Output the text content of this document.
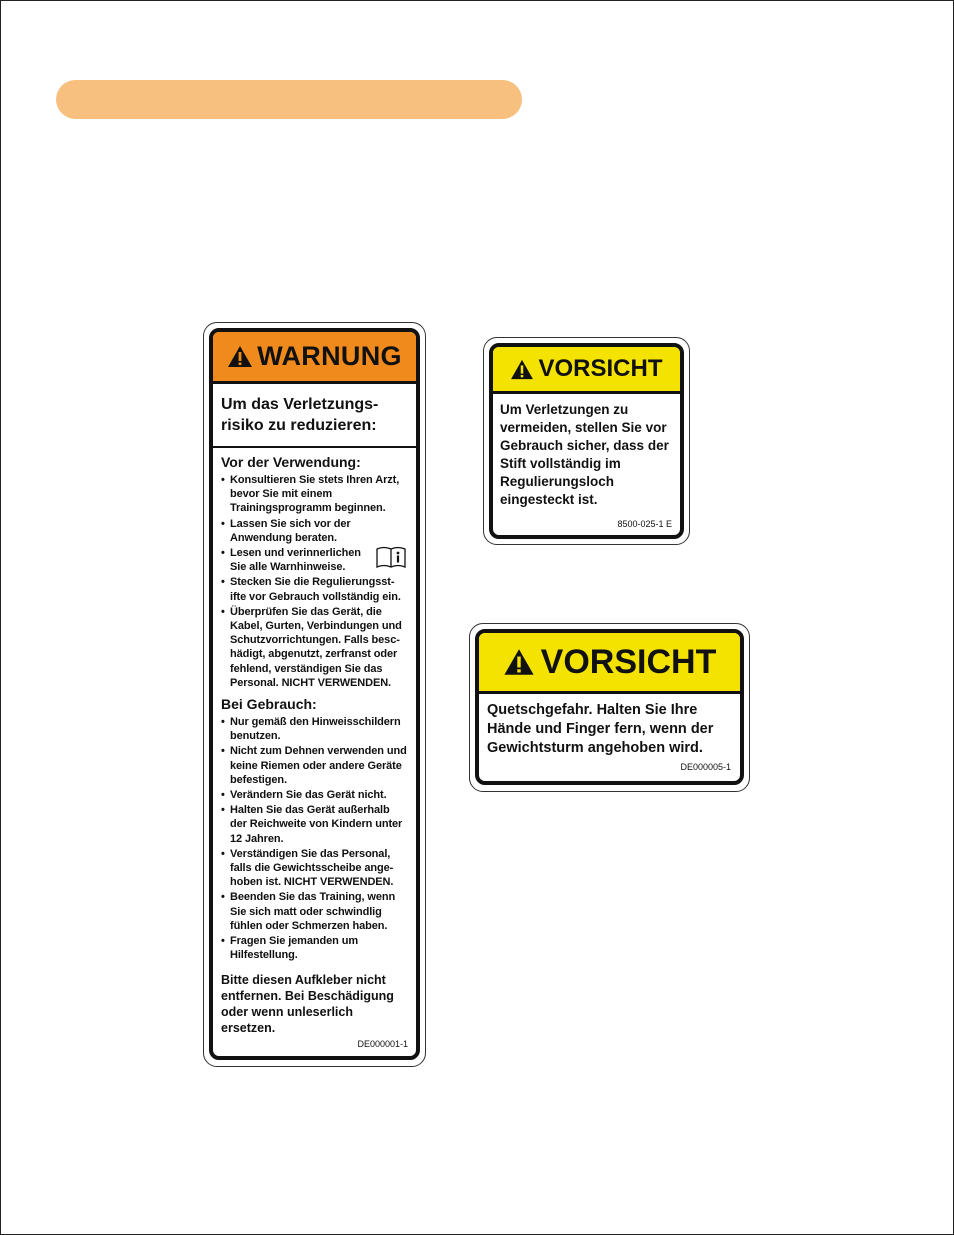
WARNUNG
Um das Verletzungs-risiko zu reduzieren:
Vor der Verwendung:
• Konsultieren Sie stets Ihren Arzt, bevor Sie mit einem Trainingsprogramm beginnen.
• Lassen Sie sich vor der Anwendung beraten.
• Lesen und verinnerlichen Sie alle Warnhinweise.
• Stecken Sie die Regulierungsst-ifte vor Gebrauch vollständig ein.
• Überprüfen Sie das Gerät, die Kabel, Gurten, Verbindungen und Schutzvorrichtungen. Falls besc-hädigt, abgenutzt, zerfranst oder fehlend, verständigen Sie das Personal. NICHT VERWENDEN.
Bei Gebrauch:
• Nur gemäß den Hinweisschildern benutzen.
• Nicht zum Dehnen verwenden und keine Riemen oder andere Geräte befestigen.
• Verändern Sie das Gerät nicht.
• Halten Sie das Gerät außerhalb der Reichweite von Kindern unter 12 Jahren.
• Verständigen Sie das Personal, falls die Gewichtsscheibe ange-hoben ist. NICHT VERWENDEN.
• Beenden Sie das Training, wenn Sie sich matt oder schwindlig fühlen oder Schmerzen haben.
• Fragen Sie jemanden um Hilfestellung.
Bitte diesen Aufkleber nicht entfernen. Bei Beschädigung oder wenn unleserlich ersetzen.
DE000001-1
VORSICHT
Um Verletzungen zu vermeiden, stellen Sie vor Gebrauch sicher, dass der Stift vollständig im Regulierungsloch eingesteckt ist.
8500-025-1 E
VORSICHT
Quetschgefahr. Halten Sie Ihre Hände und Finger fern, wenn der Gewichtsturm angehoben wird.
DE000005-1
